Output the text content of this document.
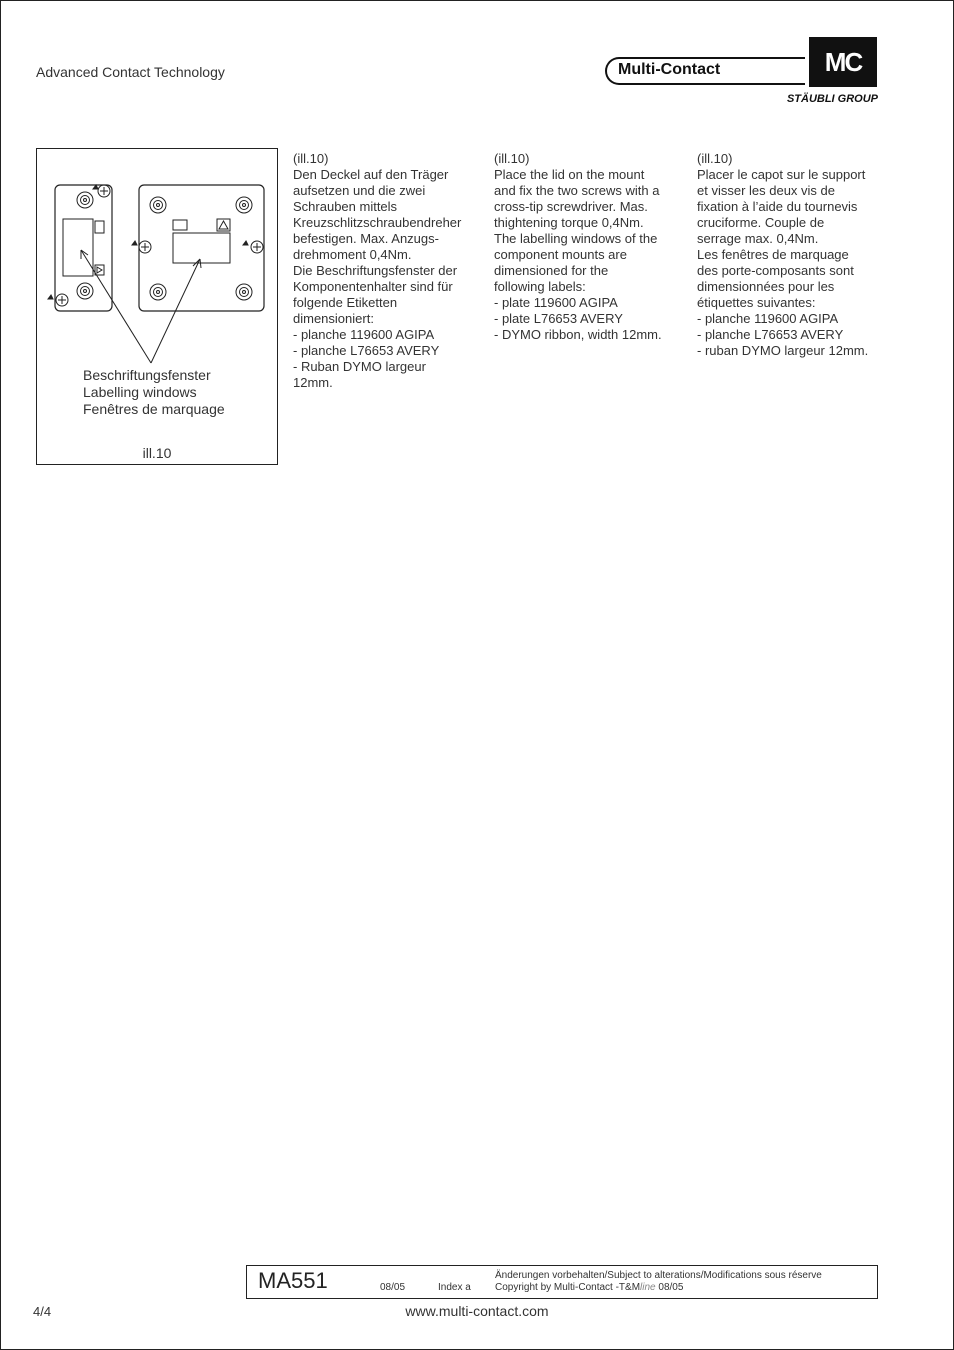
Advanced Contact Technology	Multi-Contact	MC
STÄUBLI GROUP
Beschriftungsfenster
Labelling windows
Fenêtres de marquage
ill.10
(ill.10)
Den Deckel auf den Träger
aufsetzen und die zwei
Schrauben mittels
Kreuzschlitzschraubendreher
befestigen. Max. Anzugs-
drehmoment 0,4Nm.
Die Beschriftungsfenster der
Komponentenhalter sind für
folgende Etiketten
dimensioniert:
- planche 119600 AGIPA
- planche L76653 AVERY
- Ruban DYMO largeur
12mm.
(ill.10)
Place the lid on the mount
and fix the two screws with a
cross-tip screwdriver. Mas.
thightening torque 0,4Nm.
The labelling windows of the
component mounts are
dimensioned for the
following labels:
- plate 119600 AGIPA
- plate L76653 AVERY
- DYMO ribbon, width 12mm.
(ill.10)
Placer le capot sur le support
et visser les deux vis de
fixation à l’aide du tournevis
cruciforme. Couple de
serrage max. 0,4Nm.
Les fenêtres de marquage
des porte-composants sont
dimensionnées pour les
étiquettes suivantes:
- planche 119600 AGIPA
- planche L76653 AVERY
- ruban DYMO largeur 12mm.
MA551	08/05	Index a
Änderungen vorbehalten/Subject to alterations/Modifications sous réserve
Copyright by Multi-Contact -T&Mline 08/05
4/4	www.multi-contact.com
